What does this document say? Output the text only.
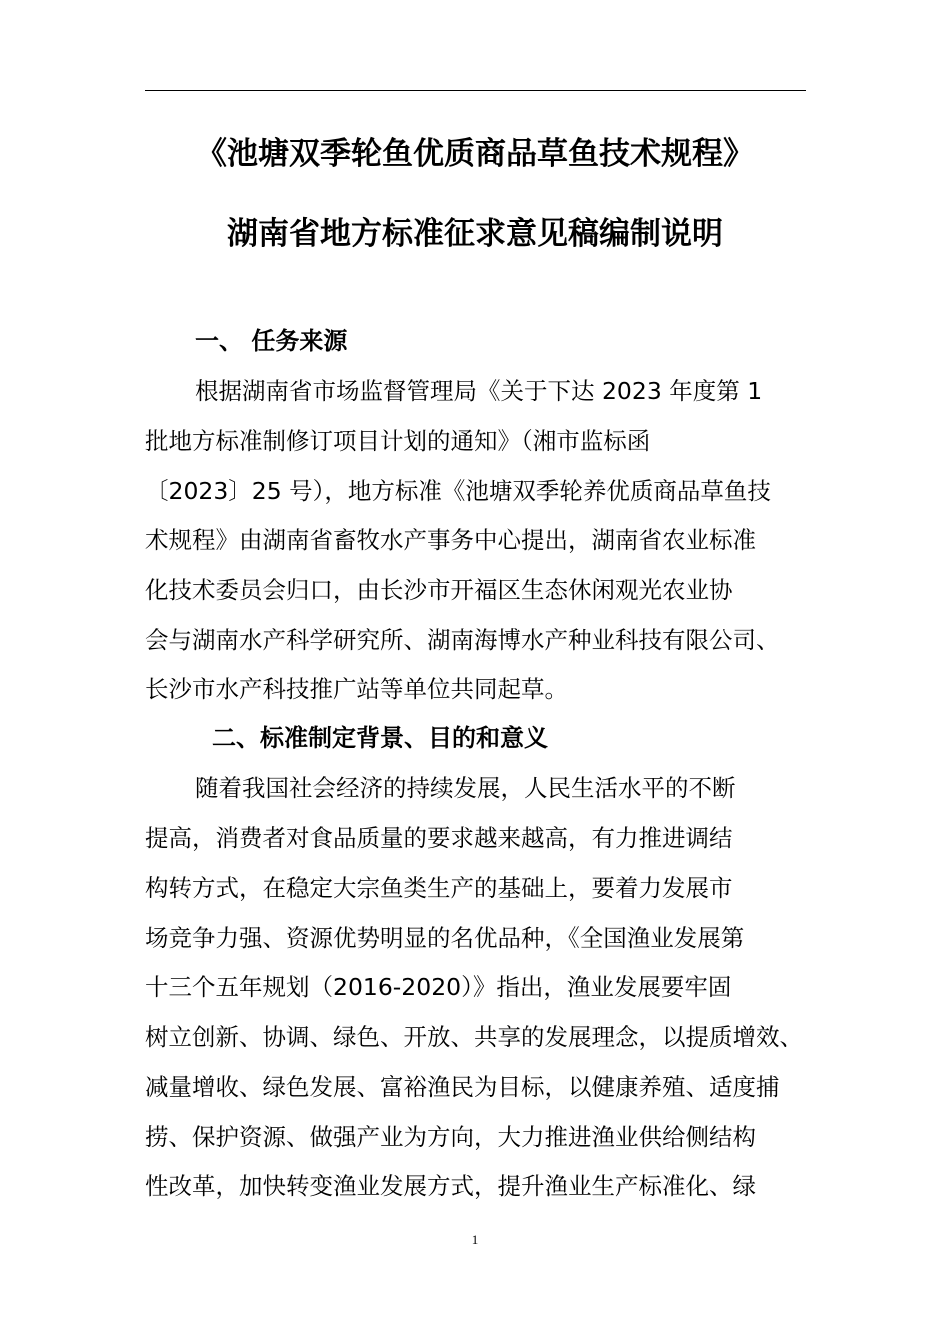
《池塘双季轮鱼优质商品草鱼技术规程》
湖南省地方标准征求意见稿编制说明
一、 任务来源
根据湖南省市场监督管理局《关于下达 2023 年度第 1
批地方标准制修订项目计划的通知》（湘市监标函
〔2023〕25 号），地方标准《池塘双季轮养优质商品草鱼技
术规程》由湖南省畜牧水产事务中心提出，湖南省农业标准
化技术委员会归口，由长沙市开福区生态休闲观光农业协
会与湖南水产科学研究所、湖南海博水产种业科技有限公司、
长沙市水产科技推广站等单位共同起草。
二、标准制定背景、目的和意义
随着我国社会经济的持续发展，人民生活水平的不断
提高，消费者对食品质量的要求越来越高，有力推进调结
构转方式，在稳定大宗鱼类生产的基础上，要着力发展市
场竞争力强、资源优势明显的名优品种，《全国渔业发展第
十三个五年规划（2016-2020）》指出，渔业发展要牢固
树立创新、协调、绿色、开放、共享的发展理念，以提质增效、
减量增收、绿色发展、富裕渔民为目标，以健康养殖、适度捕
捞、保护资源、做强产业为方向，大力推进渔业供给侧结构
性改革，加快转变渔业发展方式，提升渔业生产标准化、绿
1
